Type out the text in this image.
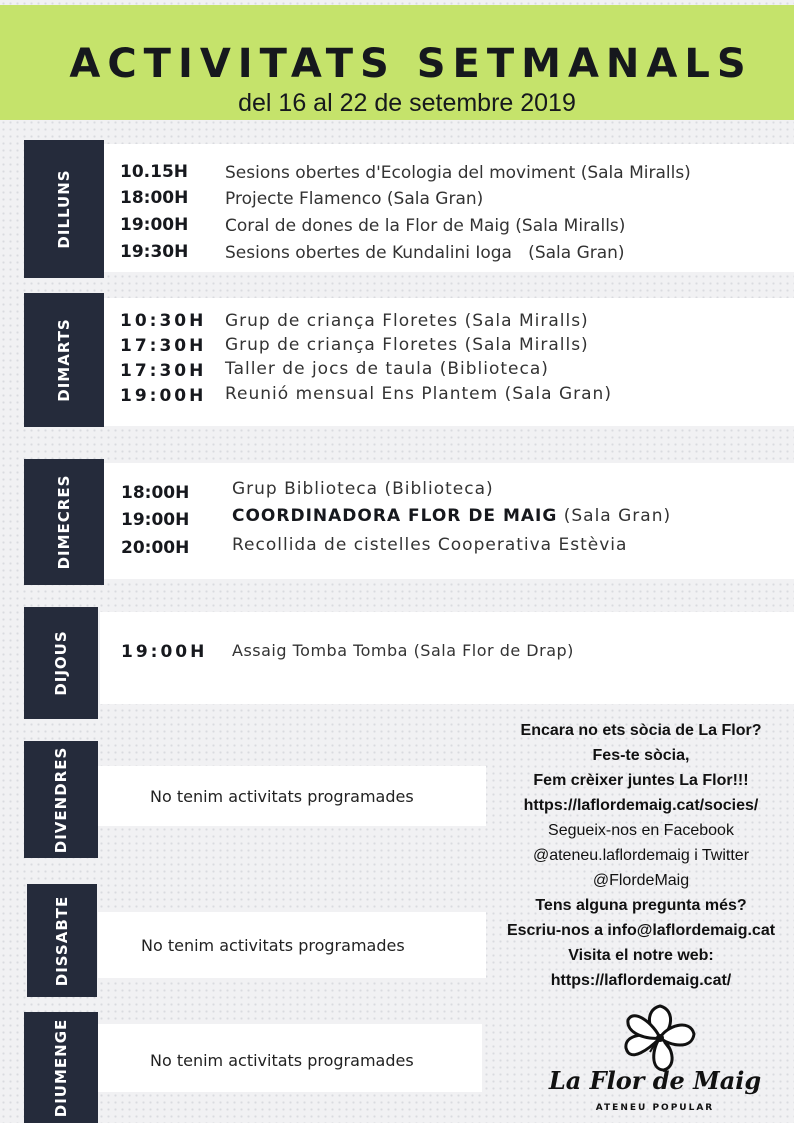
ACTIVITATS SETMANALS
del 16 al 22 de setembre 2019
DILLUNS	10.15H Sesions obertes d'Ecologia del moviment (Sala Miralls)
18:00H Projecte Flamenco (Sala Gran)
19:00H Coral de dones de la Flor de Maig (Sala Miralls)
19:30H Sesions obertes de Kundalini Ioga   (Sala Gran)
DIMARTS	10:30H Grup de criança Floretes (Sala Miralls)
17:30H Grup de criança Floretes (Sala Miralls)
17:30H Taller de jocs de taula (Biblioteca)
19:00H Reunió mensual Ens Plantem (Sala Gran)
DIMECRES	18:00H	Grup Biblioteca (Biblioteca)
19:00H	COORDINADORA FLOR DE MAIG (Sala Gran)
20:00H	Recollida de cistelles Cooperativa Estèvia
DIJOUS	19:00H Assaig Tomba Tomba (Sala Flor de Drap)
DIVENDRES	No tenim activitats programades
DISSABTE	No tenim activitats programades
DIUMENGE	No tenim activitats programades
Encara no ets sòcia de La Flor?
Fes-te sòcia,
Fem crèixer juntes La Flor!!!
https://laflordemaig.cat/socies/
Segueix-nos en Facebook
@ateneu.laflordemaig i Twitter
@FlordeMaig
Tens alguna pregunta més?
Escriu-nos a info@laflordemaig.cat
Visita el notre web:
https://laflordemaig.cat/
La Flor de Maig
ATENEU POPULAR
